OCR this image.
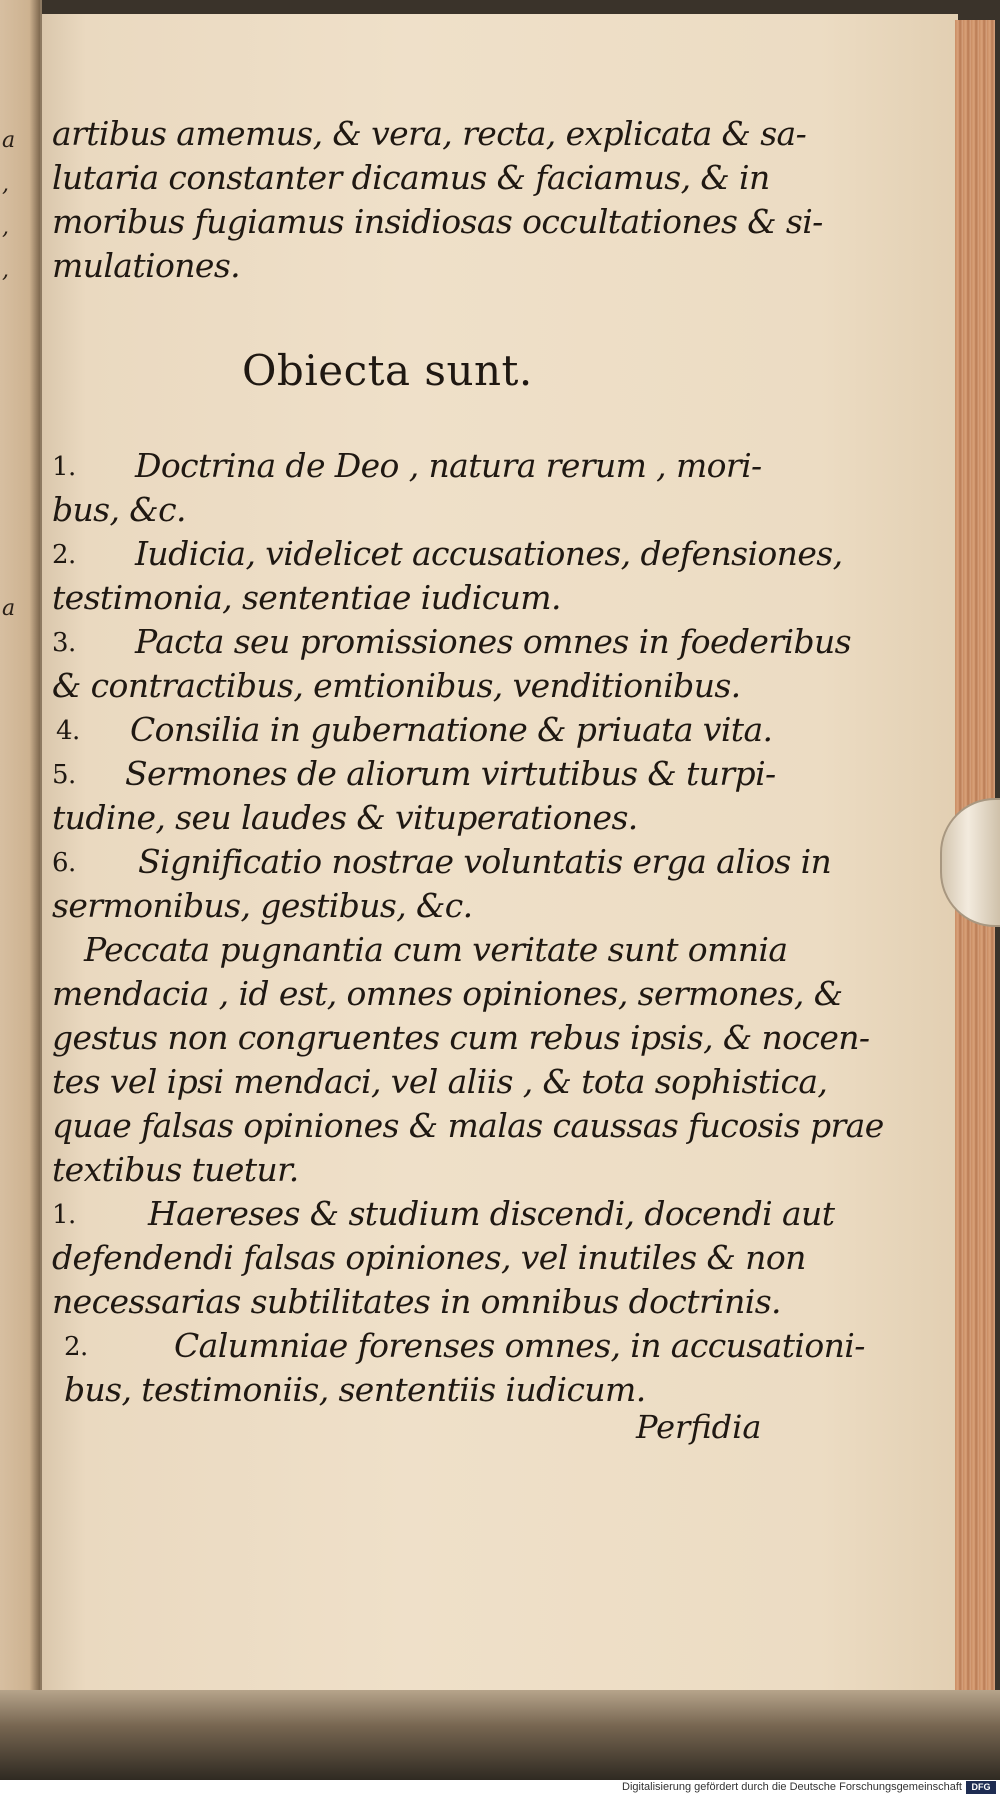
a
,
,
,
a
artibus amemus, & vera, recta, explicata & sa-
lutaria constanter dicamus & faciamus, & in
moribus fugiamus insidiosas occultationes & si-
mulationes.
1. Doctrina de Deo , natura rerum , mori-
bus, &c.
2. Iudicia, videlicet accusationes, defensiones,
testimonia, sententiae iudicum.
3. Pacta seu promissiones omnes in foederibus
& contractibus, emtionibus, venditionibus.
4. Consilia in gubernatione & priuata vita.
5. Sermones de aliorum virtutibus & turpi-
tudine, seu laudes & vituperationes.
6. Significatio nostrae voluntatis erga alios in
sermonibus, gestibus, &c.
Peccata pugnantia cum veritate sunt omnia
mendacia , id est, omnes opiniones, sermones, &
gestus non congruentes cum rebus ipsis, & nocen-
tes vel ipsi mendaci, vel aliis , & tota sophistica,
quae falsas opiniones & malas caussas fucosis prae
textibus tuetur.
1. Haereses & studium discendi, docendi aut
defendendi falsas opiniones, vel inutiles & non
necessarias subtilitates in omnibus doctrinis.
2.	Calumniae forenses omnes, in accusationi-
bus, testimoniis, sententiis iudicum.
Obiecta sunt.
Perfidia
Digitalisierung gefördert durch die Deutsche Forschungsgemeinschaft	DFG
